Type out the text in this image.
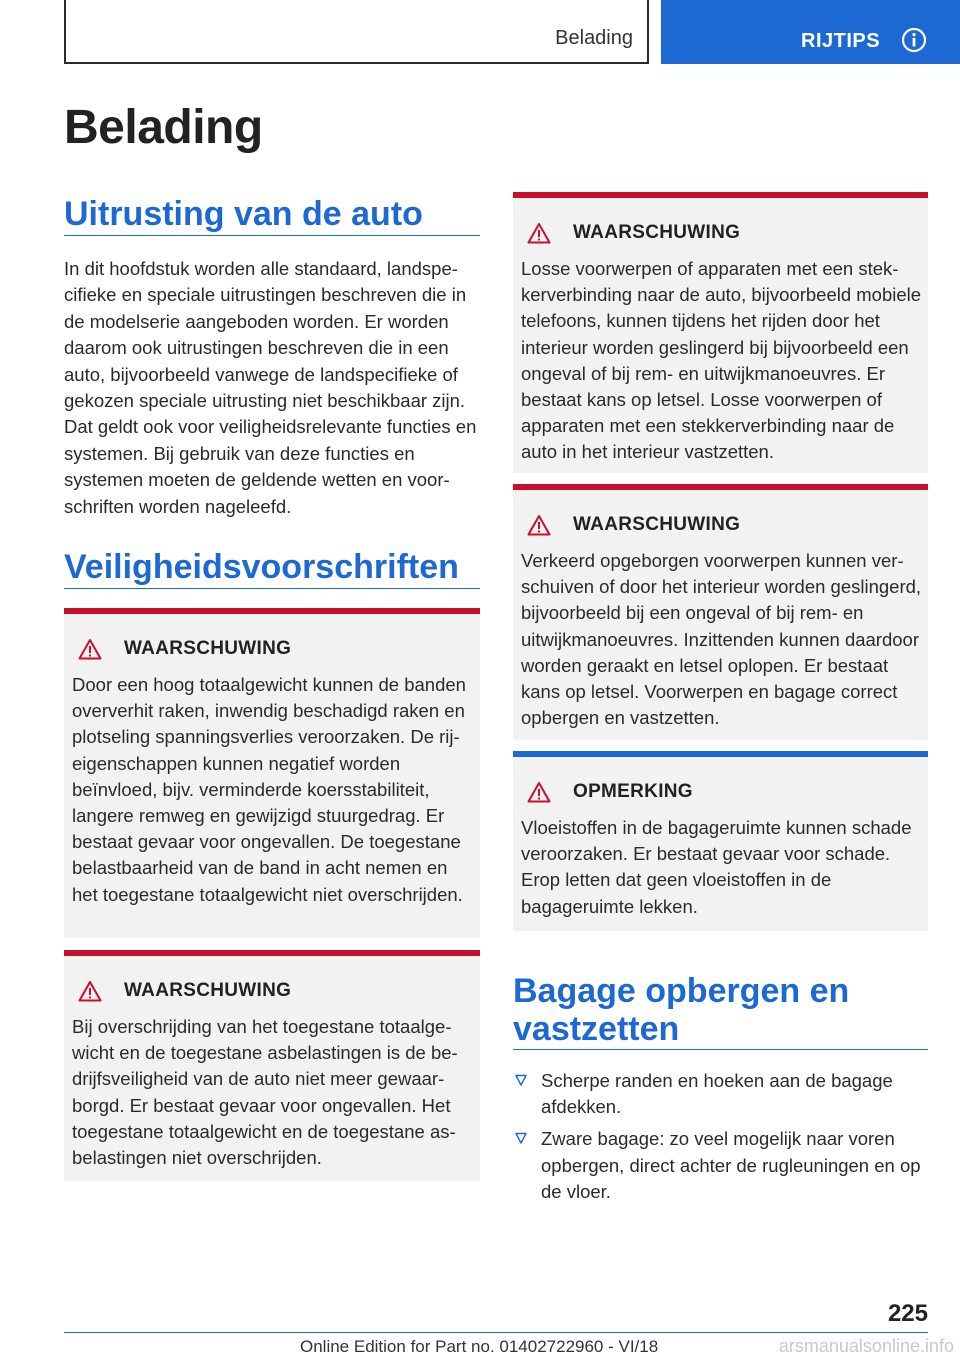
Belading	RIJTIPS
Belading
Uitrusting van de auto

In dit hoofdstuk worden alle standaard, landspecifieke en speciale uitrustingen beschreven die in de modelserie aangeboden worden. Er worden daarom ook uitrustingen beschreven die in een auto, bijvoorbeeld vanwege de landspecifieke of gekozen speciale uitrusting niet beschikbaar zijn. Dat geldt ook voor veiligheidsrelevante functies en systemen. Bij gebruik van deze functies en systemen moeten de geldende wetten en voorschriften worden nageleefd.

Veiligheidsvoorschriften
WAARSCHUWING

Door een hoog totaalgewicht kunnen de banden oververhit raken, inwendig beschadigd raken en plotseling spanningsverlies veroorzaken. De rij-eigenschappen kunnen negatief worden beïnvloed, bijv. verminderde koersstabiliteit, langere remweg en gewijzigd stuurgedrag. Er bestaat gevaar voor ongevallen. De toegestane belastbaarheid van de band in acht nemen en het toegestane totaalgewicht niet overschrijden.

WAARSCHUWING

Bij overschrijding van het toegestane totaalgewicht en de toegestane asbelastingen is de bedrijfsveiligheid van de auto niet meer gewaarborgd. Er bestaat gevaar voor ongevallen. Het toegestane totaalgewicht en de toegestane asbelastingen niet overschrijden.

WAARSCHUWING

Losse voorwerpen of apparaten met een stekkerverbinding naar de auto, bijvoorbeeld mobiele telefoons, kunnen tijdens het rijden door het interieur worden geslingerd bij bijvoorbeeld een ongeval of bij rem- en uitwijkmanoeuvres. Er bestaat kans op letsel. Losse voorwerpen of apparaten met een stekkerverbinding naar de auto in het interieur vastzetten.

WAARSCHUWING

Verkeerd opgeborgen voorwerpen kunnen verschuiven of door het interieur worden geslingerd, bijvoorbeeld bij een ongeval of bij rem- en uitwijkmanoeuvres. Inzittenden kunnen daardoor worden geraakt en letsel oplopen. Er bestaat kans op letsel. Voorwerpen en bagage correct opbergen en vastzetten.

OPMERKING

Vloeistoffen in de bagageruimte kunnen schade veroorzaken. Er bestaat gevaar voor schade. Erop letten dat geen vloeistoffen in de bagageruimte lekken.

Bagage opbergen en vastzetten
Scherpe randen en hoeken aan de bagage afdekken.
Zware bagage: zo veel mogelijk naar voren opbergen, direct achter de rugleuningen en op de vloer.
225
Online Edition for Part no. 01402722960 - VI/18	arsmanualsonline.info
